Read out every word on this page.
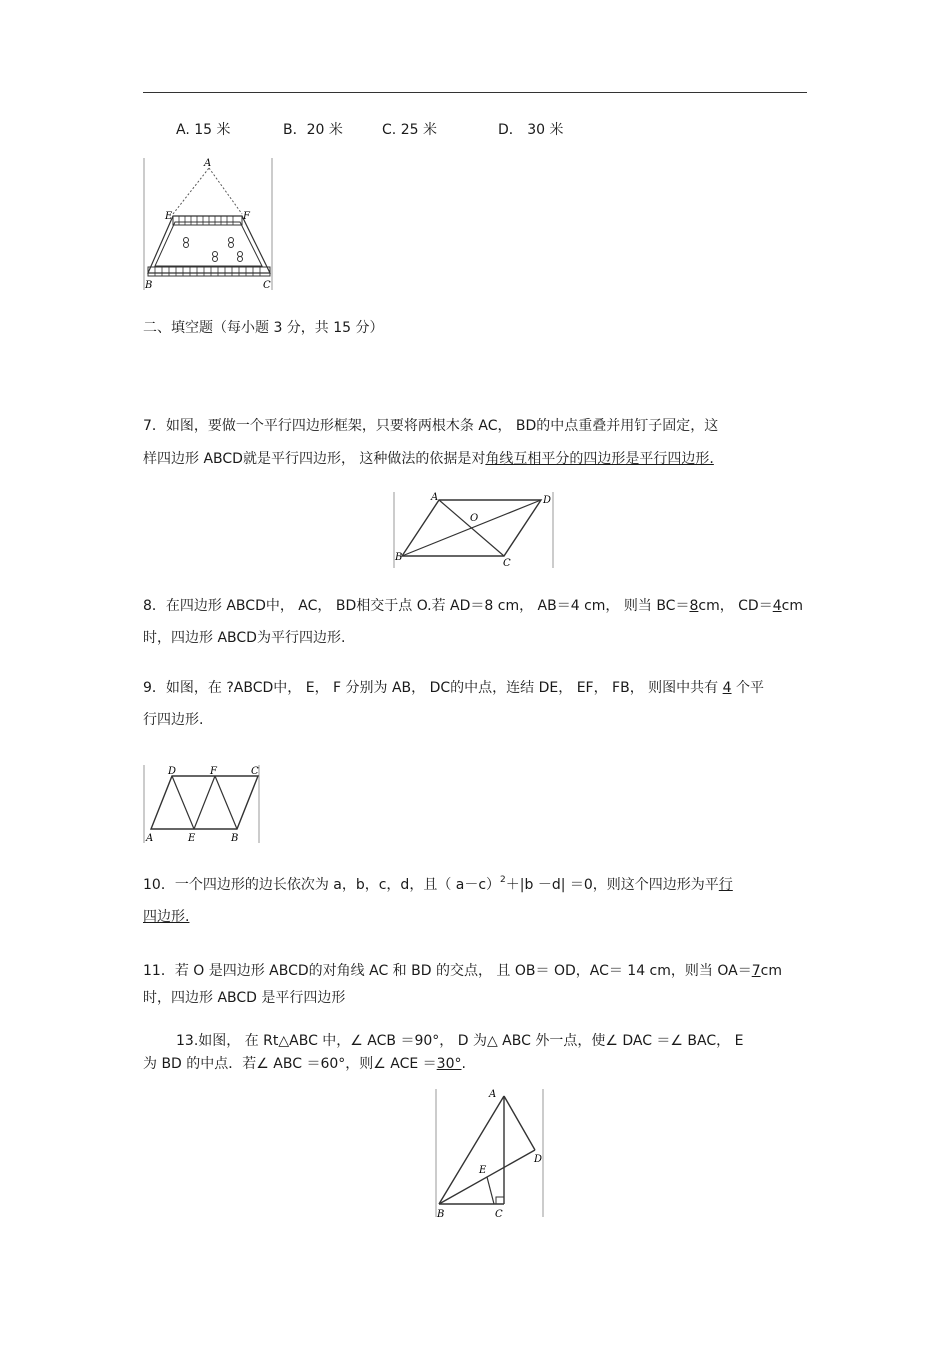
A. 15 米	B．20 米	C. 25 米	D． 30 米
A
E	F
B	C
二、填空题（每小题 3 分，共 15 分）
7．如图，要做一个平行四边形框架，只要将两根木条 AC， BD的中点重叠并用钉子固定，这
样四边形 ABCD就是平行四边形， 这种做法的依据是对角线互相平分的四边形是平行四边形.
A	D
O
B
C
8．在四边形 ABCD中， AC， BD相交于点 O.若 AD＝8 cm， AB＝4 cm， 则当 BC＝8cm， CD＝4cm
时，四边形 ABCD为平行四边形.
9．如图，在 ?ABCD中， E， F 分别为 AB， DC的中点，连结 DE， EF， FB， 则图中共有 4 个平
行四边形.
D	F	C
A	E	B
10．一个四边形的边长依次为 a，b，c，d，且（ a－c）$^2$＋|b －d| ＝0，则这个四边形为平行
四边形.
11．若 O 是四边形 ABCD的对角线 AC 和 BD 的交点， 且 OB＝ OD，AC＝ 14 cm，则当 OA＝7cm
时，四边形 ABCD 是平行四边形
13.如图， 在 Rt△ABC 中，∠ ACB ＝90°， D 为△ ABC 外一点，使∠ DAC ＝∠ BAC， E
为 BD 的中点．若∠ ABC ＝60°，则∠ ACE ＝30°.
A
E
D
B	C
